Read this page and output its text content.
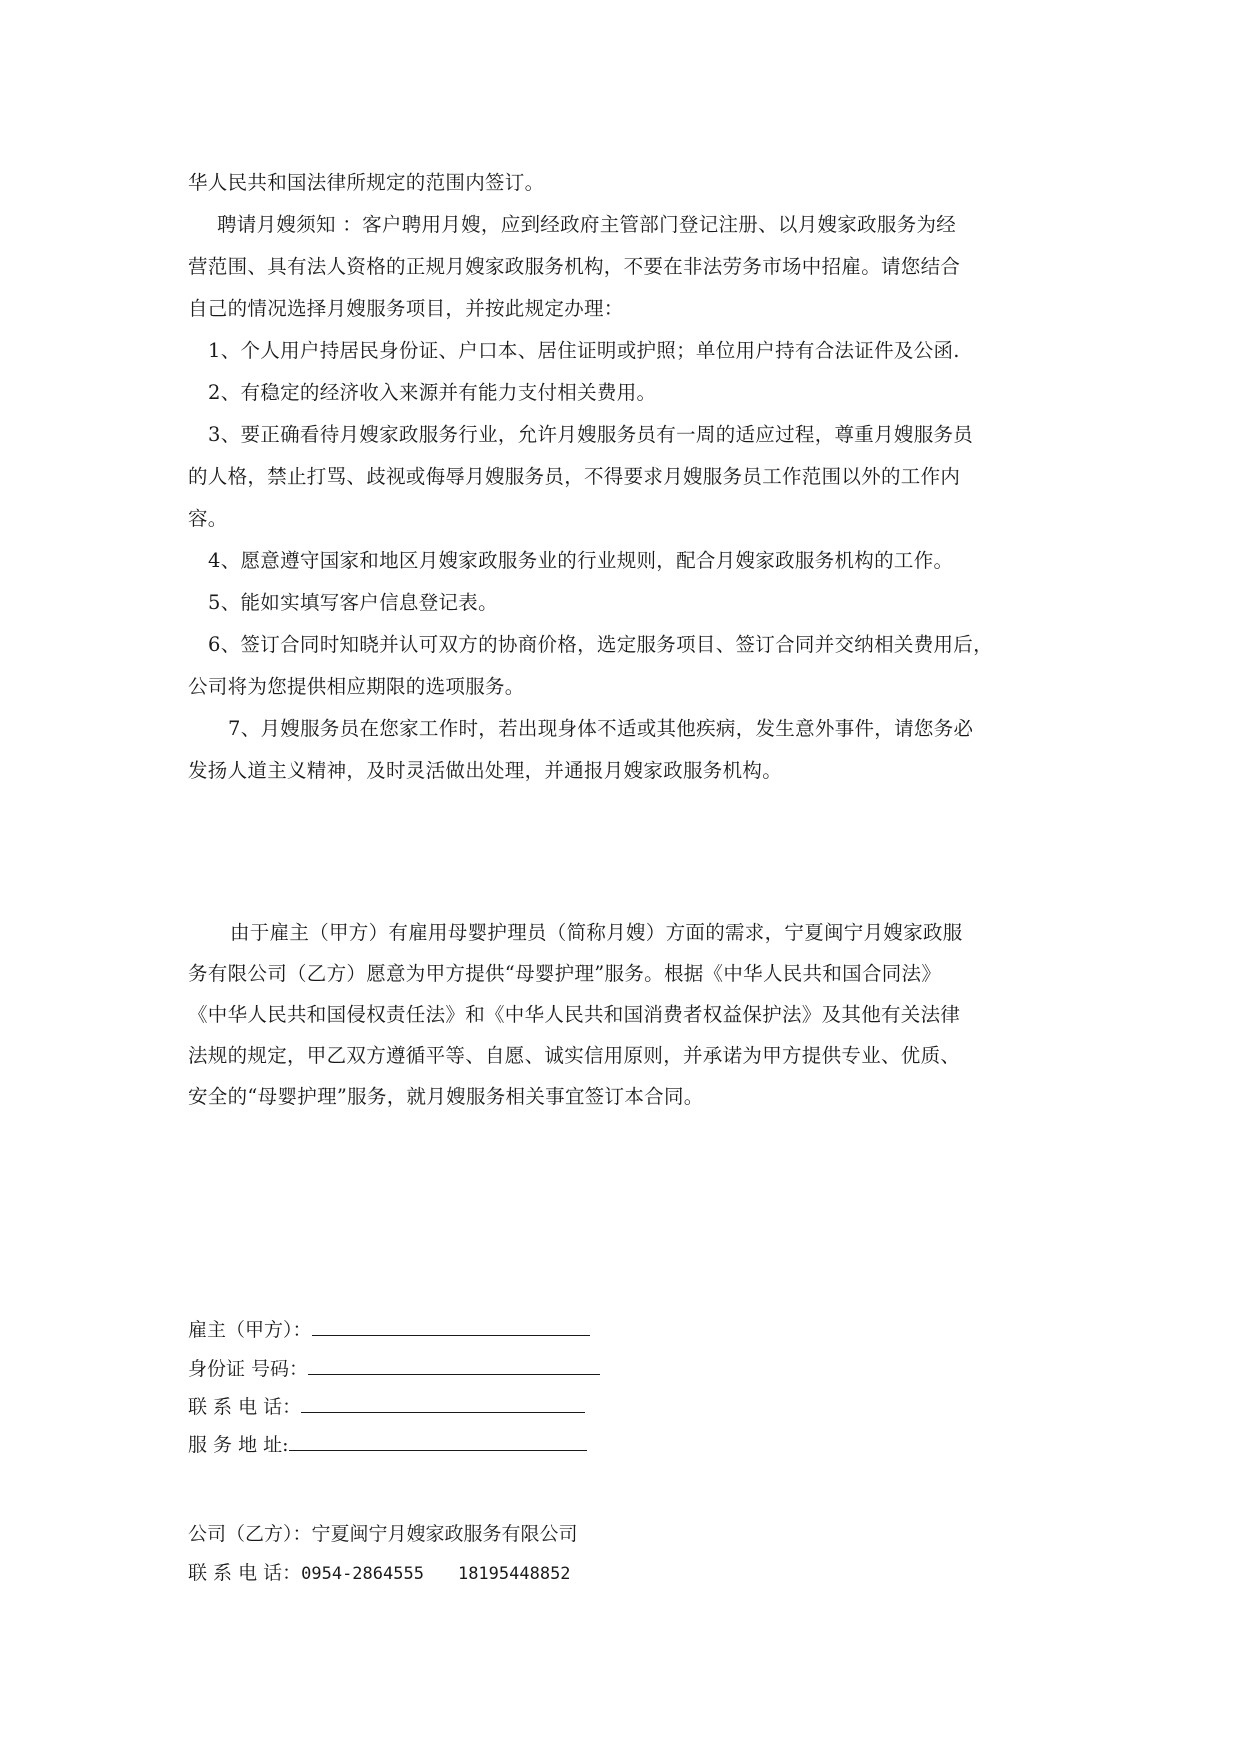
华人民共和国法律所规定的范围内签订。
聘请月嫂须知 ：客户聘用月嫂，应到经政府主管部门登记注册、以月嫂家政服务为经
营范围、具有法人资格的正规月嫂家政服务机构，不要在非法劳务市场中招雇。请您结合
自己的情况选择月嫂服务项目，并按此规定办理：
1、个人用户持居民身份证、户口本、居住证明或护照；单位用户持有合法证件及公函.
2、有稳定的经济收入来源并有能力支付相关费用。
3、要正确看待月嫂家政服务行业，允许月嫂服务员有一周的适应过程，尊重月嫂服务员
的人格，禁止打骂、歧视或侮辱月嫂服务员，不得要求月嫂服务员工作范围以外的工作内
容。
4、愿意遵守国家和地区月嫂家政服务业的行业规则，配合月嫂家政服务机构的工作。
5、能如实填写客户信息登记表。
6、签订合同时知晓并认可双方的协商价格，选定服务项目、签订合同并交纳相关费用后，
公司将为您提供相应期限的选项服务。
7、月嫂服务员在您家工作时，若出现身体不适或其他疾病，发生意外事件，请您务必
发扬人道主义精神，及时灵活做出处理，并通报月嫂家政服务机构。
由于雇主（甲方）有雇用母婴护理员（简称月嫂）方面的需求，宁夏闽宁月嫂家政服
务有限公司（乙方）愿意为甲方提供“母婴护理”服务。根据《中华人民共和国合同法》
《中华人民共和国侵权责任法》和《中华人民共和国消费者权益保护法》及其他有关法律
法规的规定，甲乙双方遵循平等、自愿、诚实信用原则，并承诺为甲方提供专业、优质、
安全的“母婴护理”服务，就月嫂服务相关事宜签订本合同。
雇主（甲方）：
身份证 号码：
联 系 电 话：
服 务 地 址:
公司（乙方）：宁夏闽宁月嫂家政服务有限公司
联 系 电 话：0954-2864555 18195448852
